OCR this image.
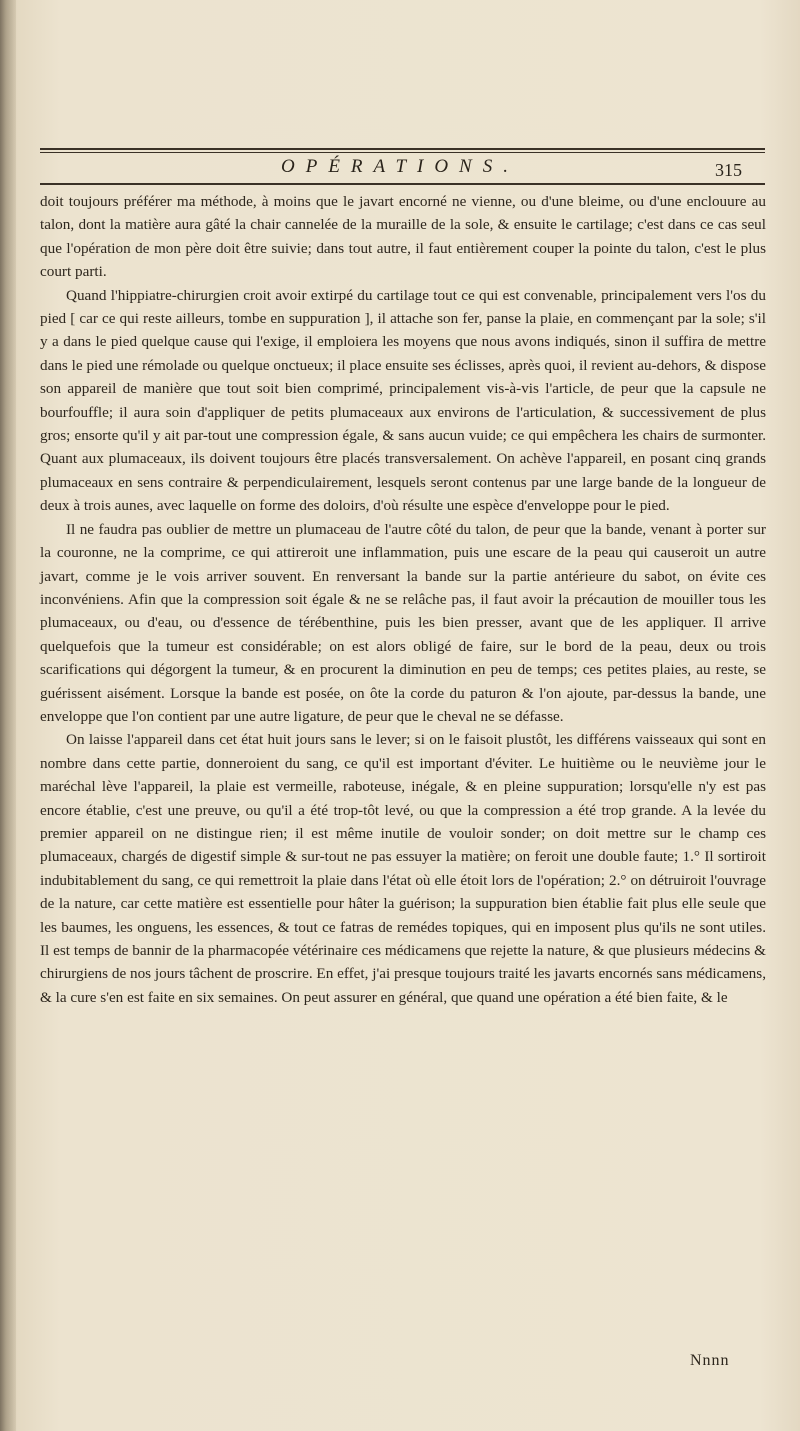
OPÉRATIONS.	315

doit toujours préférer ma méthode, à moins que le javart encorné ne vienne, ou d'une bleime, ou d'une enclouure au talon, dont la matière aura gâté la chair cannelée de la muraille de la sole, & ensuite le cartilage; c'est dans ce cas seul que l'opération de mon père doit être suivie; dans tout autre, il faut entièrement couper la pointe du talon, c'est le plus court parti.

Quand l'hippiatre-chirurgien croit avoir extirpé du cartilage tout ce qui est convenable, principalement vers l'os du pied [ car ce qui reste ailleurs, tombe en suppuration ], il attache son fer, panse la plaie, en commençant par la sole; s'il y a dans le pied quelque cause qui l'exige, il emploiera les moyens que nous avons indiqués, sinon il suffira de mettre dans le pied une rémolade ou quelque onctueux; il place ensuite ses éclisses, après quoi, il revient au-dehors, & dispose son appareil de manière que tout soit bien comprimé, principalement vis-à-vis l'article, de peur que la capsule ne bourfouffle; il aura soin d'appliquer de petits plumaceaux aux environs de l'articulation, & successivement de plus gros; ensorte qu'il y ait par-tout une compression égale, & sans aucun vuide; ce qui empêchera les chairs de surmonter. Quant aux plumaceaux, ils doivent toujours être placés transversalement. On achève l'appareil, en posant cinq grands plumaceaux en sens contraire & perpendiculairement, lesquels seront contenus par une large bande de la longueur de deux à trois aunes, avec laquelle on forme des doloirs, d'où résulte une espèce d'enveloppe pour le pied.

Il ne faudra pas oublier de mettre un plumaceau de l'autre côté du talon, de peur que la bande, venant à porter sur la couronne, ne la comprime, ce qui attireroit une inflammation, puis une escare de la peau qui causeroit un autre javart, comme je le vois arriver souvent. En renversant la bande sur la partie antérieure du sabot, on évite ces inconvéniens. Afin que la compression soit égale & ne se relâche pas, il faut avoir la précaution de mouiller tous les plumaceaux, ou d'eau, ou d'essence de térébenthine, puis les bien presser, avant que de les appliquer. Il arrive quelquefois que la tumeur est considérable; on est alors obligé de faire, sur le bord de la peau, deux ou trois scarifications qui dégorgent la tumeur, & en procurent la diminution en peu de temps; ces petites plaies, au reste, se guérissent aisément. Lorsque la bande est posée, on ôte la corde du paturon & l'on ajoute, par-dessus la bande, une enveloppe que l'on contient par une autre ligature, de peur que le cheval ne se défasse.

On laisse l'appareil dans cet état huit jours sans le lever; si on le faisoit plustôt, les différens vaisseaux qui sont en nombre dans cette partie, donneroient du sang, ce qu'il est important d'éviter. Le huitième ou le neuvième jour le maréchal lève l'appareil, la plaie est vermeille, raboteuse, inégale, & en pleine suppuration; lorsqu'elle n'y est pas encore établie, c'est une preuve, ou qu'il a été trop-tôt levé, ou que la compression a été trop grande. A la levée du premier appareil on ne distingue rien; il est même inutile de vouloir sonder; on doit mettre sur le champ ces plumaceaux, chargés de digestif simple & sur-tout ne pas essuyer la matière; on feroit une double faute; 1.° Il sortiroit indubitablement du sang, ce qui remettroit la plaie dans l'état où elle étoit lors de l'opération; 2.° on détruiroit l'ouvrage de la nature, car cette matière est essentielle pour hâter la guérison; la suppuration bien établie fait plus elle seule que les baumes, les onguens, les essences, & tout ce fatras de remédes topiques, qui en imposent plus qu'ils ne sont utiles. Il est temps de bannir de la pharmacopée vétérinaire ces médicamens que rejette la nature, & que plusieurs médecins & chirurgiens de nos jours tâchent de proscrire. En effet, j'ai presque toujours traité les javarts encornés sans médicamens, & la cure s'en est faite en six semaines. On peut assurer en général, que quand une opération a été bien faite, & le

Nnnn
